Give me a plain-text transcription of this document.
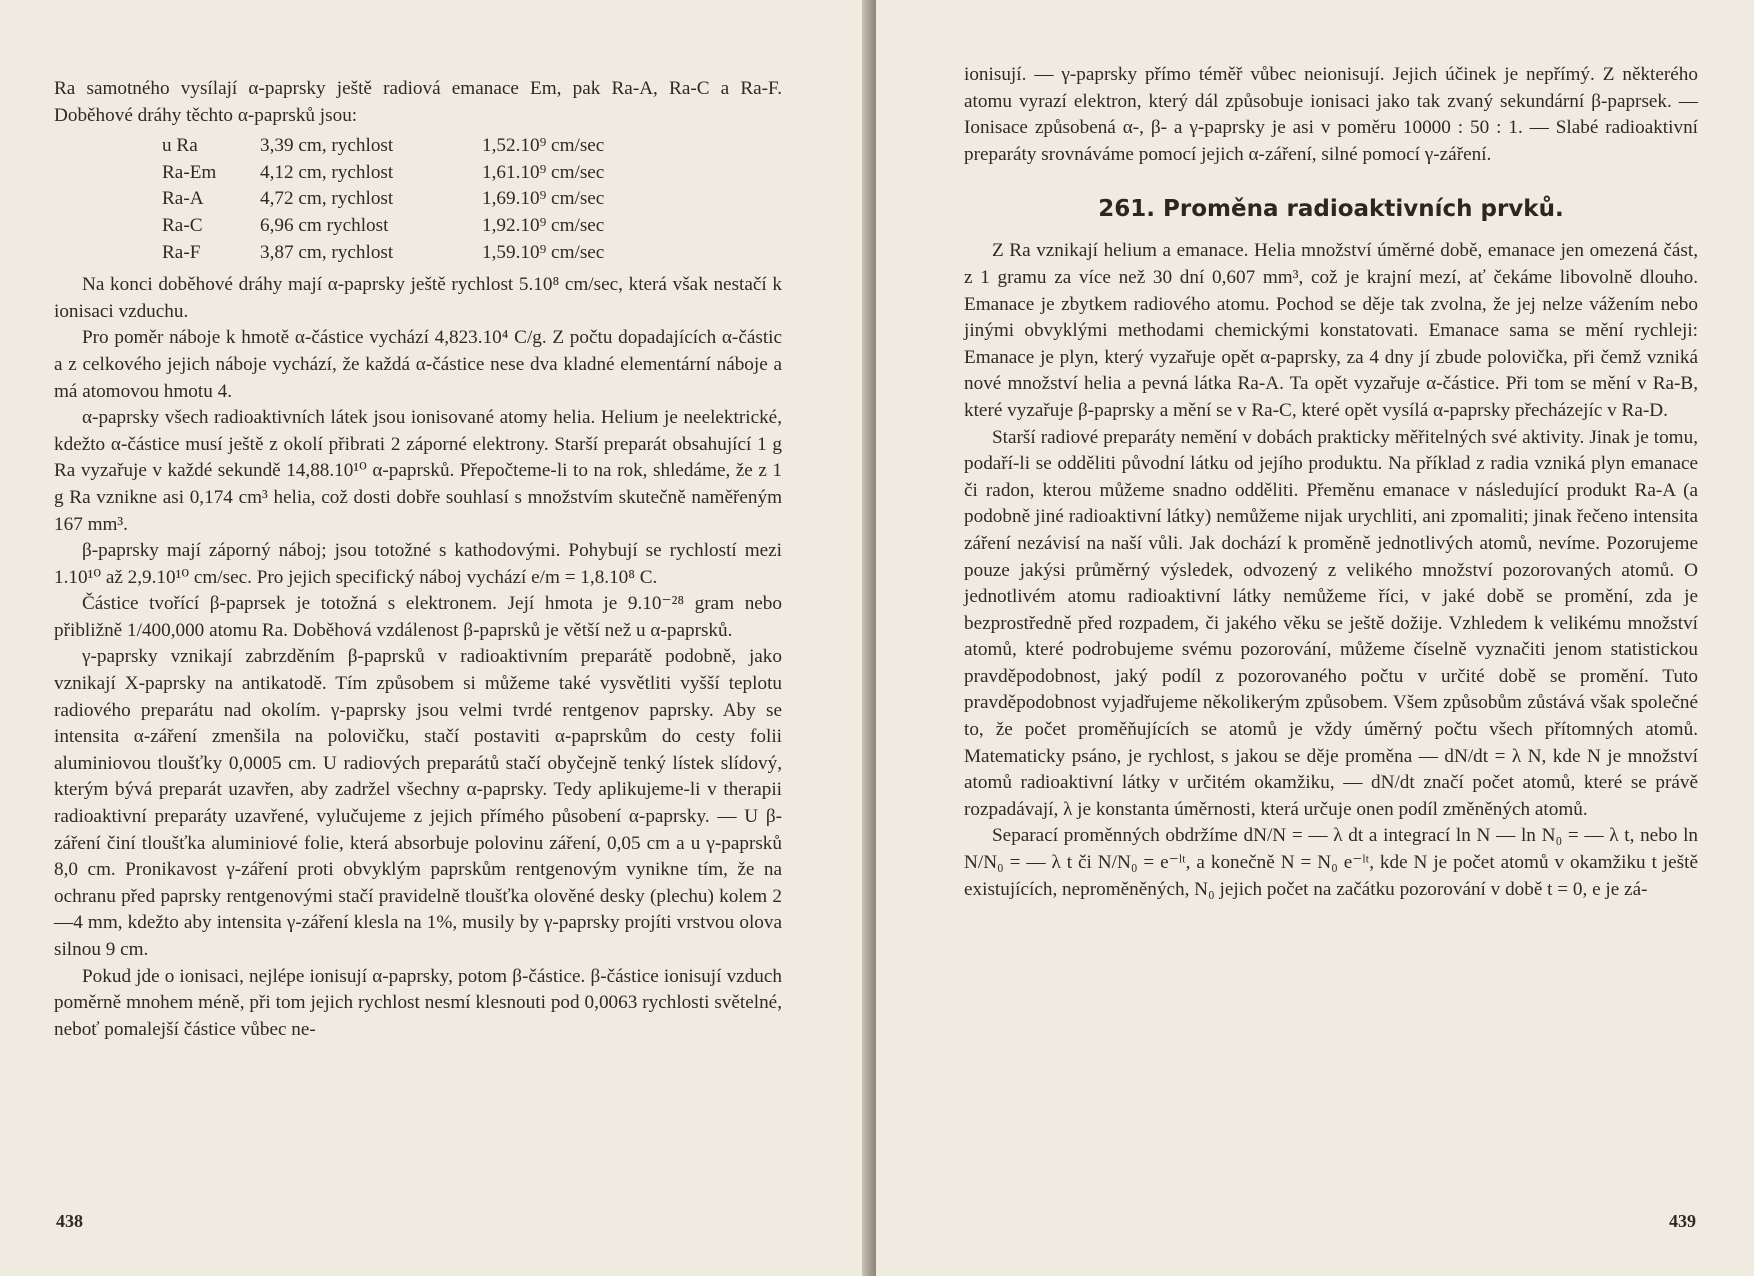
Ra samotného vysílají α-paprsky ještě radiová emanace Em, pak Ra-A, Ra-C a Ra-F. Doběhové dráhy těchto α-paprsků jsou:

u Ra	3,39 cm, rychlost	1,52.10⁹ cm/sec
Ra-Em	4,12 cm, rychlost	1,61.10⁹ cm/sec
Ra-A	4,72 cm, rychlost	1,69.10⁹ cm/sec
Ra-C	6,96 cm rychlost	1,92.10⁹ cm/sec
Ra-F	3,87 cm, rychlost	1,59.10⁹ cm/sec

Na konci doběhové dráhy mají α-paprsky ještě rychlost 5.10⁸ cm/sec, která však nestačí k ionisaci vzduchu.

Pro poměr náboje k hmotě α-částice vychází 4,823.10⁴ C/g. Z počtu dopadajících α-částic a z celkového jejich náboje vychází, že každá α-částice nese dva kladné elementární náboje a má atomovou hmotu 4.

α-paprsky všech radioaktivních látek jsou ionisované atomy helia. Helium je neelektrické, kdežto α-částice musí ještě z okolí přibrati 2 záporné elektrony. Starší preparát obsahující 1 g Ra vyzařuje v každé sekundě 14,88.10¹⁰ α-paprsků. Přepočteme-li to na rok, shledáme, že z 1 g Ra vznikne asi 0,174 cm³ helia, což dosti dobře souhlasí s množstvím skutečně naměřeným 167 mm³.

β-paprsky mají záporný náboj; jsou totožné s kathodovými. Pohybují se rychlostí mezi 1.10¹⁰ až 2,9.10¹⁰ cm/sec. Pro jejich specifický náboj vychází e/m = 1,8.10⁸ C.

Částice tvořící β-paprsek je totožná s elektronem. Její hmota je 9.10⁻²⁸ gram nebo přibližně 1/400,000 atomu Ra. Doběhová vzdálenost β-paprsků je větší než u α-paprsků.

γ-paprsky vznikají zabrzděním β-paprsků v radioaktivním preparátě podobně, jako vznikají X-paprsky na antikatodě. Tím způsobem si můžeme také vysvětliti vyšší teplotu radiového preparátu nad okolím. γ-paprsky jsou velmi tvrdé rentgenov paprsky. Aby se intensita α-záření zmenšila na polovičku, stačí postaviti α-paprskům do cesty folii aluminiovou tloušťky 0,0005 cm. U radiových preparátů stačí obyčejně tenký lístek slídový, kterým bývá preparát uzavřen, aby zadržel všechny α-paprsky. Tedy aplikujeme-li v therapii radioaktivní preparáty uzavřené, vylučujeme z jejich přímého působení α-paprsky. — U β-záření činí tloušťka aluminiové folie, která absorbuje polovinu záření, 0,05 cm a u γ-paprsků 8,0 cm. Pronikavost γ-záření proti obvyklým paprskům rentgenovým vynikne tím, že na ochranu před paprsky rentgenovými stačí pravidelně tloušťka olověné desky (plechu) kolem 2—4 mm, kdežto aby intensita γ-záření klesla na 1%, musily by γ-paprsky projíti vrstvou olova silnou 9 cm.

Pokud jde o ionisaci, nejlépe ionisují α-paprsky, potom β-částice. β-částice ionisují vzduch poměrně mnohem méně, při tom jejich rychlost nesmí klesnouti pod 0,0063 rychlosti světelné, neboť pomalejší částice vůbec ne-

438

ionisují. — γ-paprsky přímo téměř vůbec neionisují. Jejich účinek je nepřímý. Z některého atomu vyrazí elektron, který dál způsobuje ionisaci jako tak zvaný sekundární β-paprsek. — Ionisace způsobená α-, β- a γ-paprsky je asi v poměru 10000 : 50 : 1. — Slabé radioaktivní preparáty srovnáváme pomocí jejich α-záření, silné pomocí γ-záření.

261. Proměna radioaktivních prvků.

Z Ra vznikají helium a emanace. Helia množství úměrné době, emanace jen omezená část, z 1 gramu za více než 30 dní 0,607 mm³, což je krajní mezí, ať čekáme libovolně dlouho. Emanace je zbytkem radiového atomu. Pochod se děje tak zvolna, že jej nelze vážením nebo jinými obvyklými methodami chemickými konstatovati. Emanace sama se mění rychleji: Emanace je plyn, který vyzařuje opět α-paprsky, za 4 dny jí zbude polovička, při čemž vzniká nové množství helia a pevná látka Ra-A. Ta opět vyzařuje α-částice. Při tom se mění v Ra-B, které vyzařuje β-paprsky a mění se v Ra-C, které opět vysílá α-paprsky přecházejíc v Ra-D.

Starší radiové preparáty nemění v dobách prakticky měřitelných své aktivity. Jinak je tomu, podaří-li se odděliti původní látku od jejího produktu. Na příklad z radia vzniká plyn emanace či radon, kterou můžeme snadno odděliti. Přeměnu emanace v následující produkt Ra-A (a podobně jiné radioaktivní látky) nemůžeme nijak urychliti, ani zpomaliti; jinak řečeno intensita záření nezávisí na naší vůli. Jak dochází k proměně jednotlivých atomů, nevíme. Pozorujeme pouze jakýsi průměrný výsledek, odvozený z velikého množství pozorovaných atomů. O jednotlivém atomu radioaktivní látky nemůžeme říci, v jaké době se promění, zda je bezprostředně před rozpadem, či jakého věku se ještě dožije. Vzhledem k velikému množství atomů, které podrobujeme svému pozorování, můžeme číselně vyznačiti jenom statistickou pravděpodobnost, jaký podíl z pozorovaného počtu v určité době se promění. Tuto pravděpodobnost vyjadřujeme několikerým způsobem. Všem způsobům zůstává však společné to, že počet proměňujících se atomů je vždy úměrný počtu všech přítomných atomů. Matematicky psáno, je rychlost, s jakou se děje proměna — dN/dt = λ N, kde N je množství atomů radioaktivní látky v určitém okamžiku, — dN/dt značí počet atomů, které se právě rozpadávají, λ je konstanta úměrnosti, která určuje onen podíl změněných atomů.

Separací proměnných obdržíme dN/N = — λ dt a integrací ln N — ln N₀ = — λ t, nebo ln N/N₀ = — λ t či N/N₀ = e⁻ˡᵗ, a konečně N = N₀ e⁻ˡᵗ, kde N je počet atomů v okamžiku t ještě existujících, neproměněných, N₀ jejich počet na začátku pozorování v době t = 0, e je zá-

439
